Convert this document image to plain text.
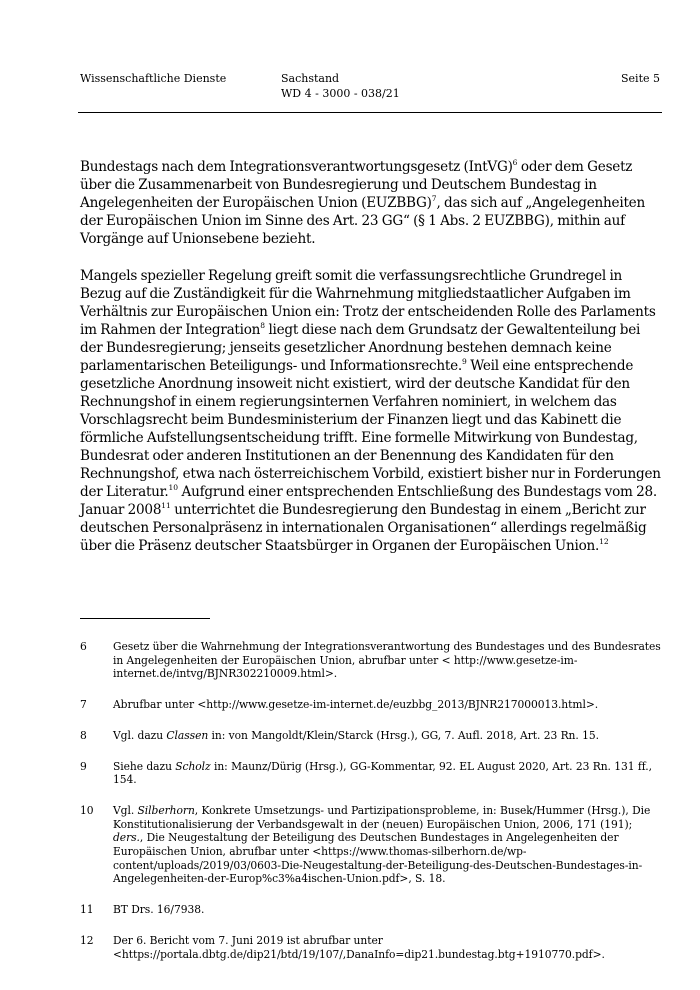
Wissenschaftliche Dienste	Sachstand
WD 4 - 3000 - 038/21
Seite 5

Bundestags nach dem Integrationsverantwortungsgesetz (IntVG)$^6$ oder dem Gesetz über die Zusammenarbeit von Bundesregierung und Deutschem Bundestag in Angelegenheiten der Europäischen Union (EUZBBG)$^7$, das sich auf „Angelegenheiten der Europäischen Union im Sinne des Art. 23 GG“ (§ 1 Abs. 2 EUZBBG), mithin auf Vorgänge auf Unionsebene bezieht.

Mangels spezieller Regelung greift somit die verfassungsrechtliche Grundregel in Bezug auf die Zuständigkeit für die Wahrnehmung mitgliedstaatlicher Aufgaben im Verhältnis zur Europäischen Union ein: Trotz der entscheidenden Rolle des Parlaments im Rahmen der Integration$^8$ liegt diese nach dem Grundsatz der Gewaltenteilung bei der Bundesregierung; jenseits gesetzlicher Anordnung bestehen demnach keine parlamentarischen Beteiligungs- und Informationsrechte.$^9$ Weil eine entsprechende gesetzliche Anordnung insoweit nicht existiert, wird der deutsche Kandidat für den Rechnungshof in einem regierungsinternen Verfahren nominiert, in welchem das Vorschlagsrecht beim Bundesministerium der Finanzen liegt und das Kabinett die förmliche Aufstellungsentscheidung trifft. Eine formelle Mitwirkung von Bundestag, Bundesrat oder anderen Institutionen an der Benennung des Kandidaten für den Rechnungshof, etwa nach österreichischem Vorbild, existiert bisher nur in Forderungen der Literatur.$^{10}$ Aufgrund einer entsprechenden Entschließung des Bundestags vom 28. Januar 2008$^{11}$ unterrichtet die Bundesregierung den Bundestag in einem „Bericht zur deutschen Personalpräsenz in internationalen Organisationen“ allerdings regelmäßig über die Präsenz deutscher Staatsbürger in Organen der Europäischen Union.$^{12}$

6	Gesetz über die Wahrnehmung der Integrationsverantwortung des Bundestages und des Bundesrates in Angelegenheiten der Europäischen Union, abrufbar unter < http://www.gesetze-im-internet.de/intvg/BJNR302210009.html>.
7	Abrufbar unter <http://www.gesetze-im-internet.de/euzbbg_2013/BJNR217000013.html>.
8	Vgl. dazu Classen in: von Mangoldt/Klein/Starck (Hrsg.), GG, 7. Aufl. 2018, Art. 23 Rn. 15.
9	Siehe dazu Scholz in: Maunz/Dürig (Hrsg.), GG-Kommentar, 92. EL August 2020, Art. 23 Rn. 131 ff., 154.
10	Vgl. Silberhorn, Konkrete Umsetzungs- und Partizipationsprobleme, in: Busek/Hummer (Hrsg.), Die Konstitutionalisierung der Verbandsgewalt in der (neuen) Europäischen Union, 2006, 171 (191); ders., Die Neugestaltung der Beteiligung des Deutschen Bundestages in Angelegenheiten der Europäischen Union, abrufbar unter <https://www.thomas-silberhorn.de/wp-content/uploads/2019/03/0603-Die-Neugestaltung-der-Beteiligung-des-Deutschen-Bundestages-in-Angelegenheiten-der-Europ%c3%a4ischen-Union.pdf>, S. 18.
11	BT Drs. 16/7938.
12	Der 6. Bericht vom 7. Juni 2019 ist abrufbar unter <https://portala.dbtg.de/dip21/btd/19/107/,DanaInfo=dip21.bundestag.btg+1910770.pdf>.
